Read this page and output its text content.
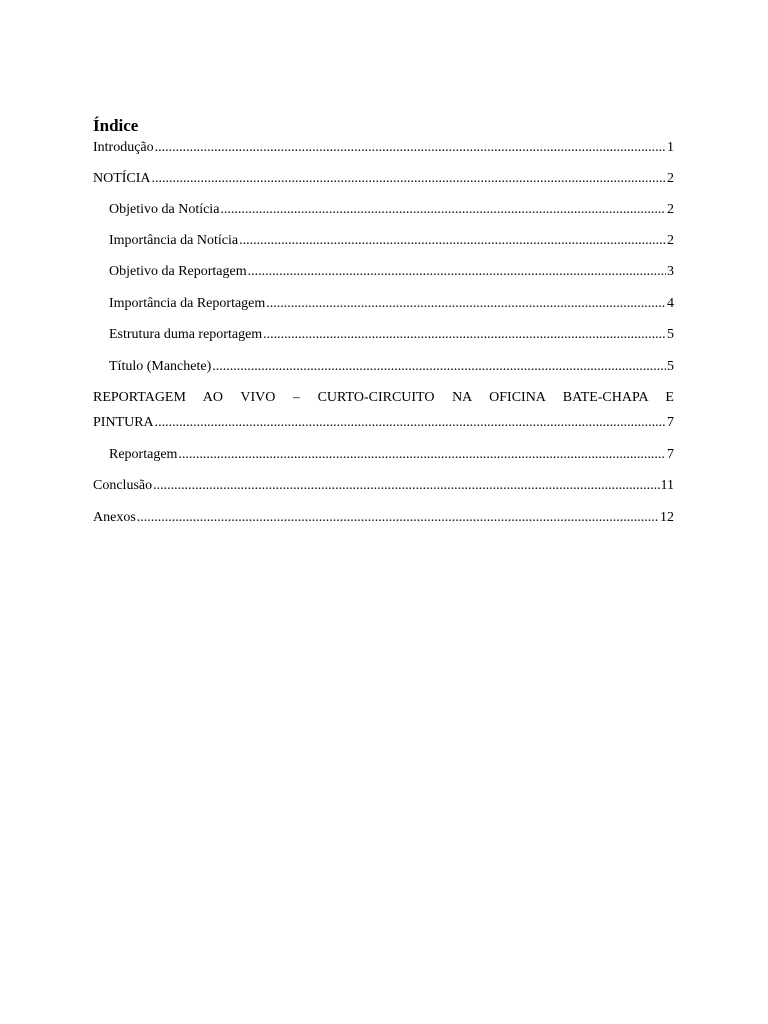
Índice
Introdução .....	1
NOTÍCIA .....	2
Objetivo da Notícia .....	2
Importância da Notícia .....	2
Objetivo da Reportagem .....	3
Importância da Reportagem .....	4
Estrutura duma reportagem .....	5
Título (Manchete) .....	5
REPORTAGEM AO VIVO – CURTO-CIRCUITO NA OFICINA BATE-CHAPA E
PINTURA .....	7
Reportagem .....	7
Conclusão .....	11
Anexos .....	12
